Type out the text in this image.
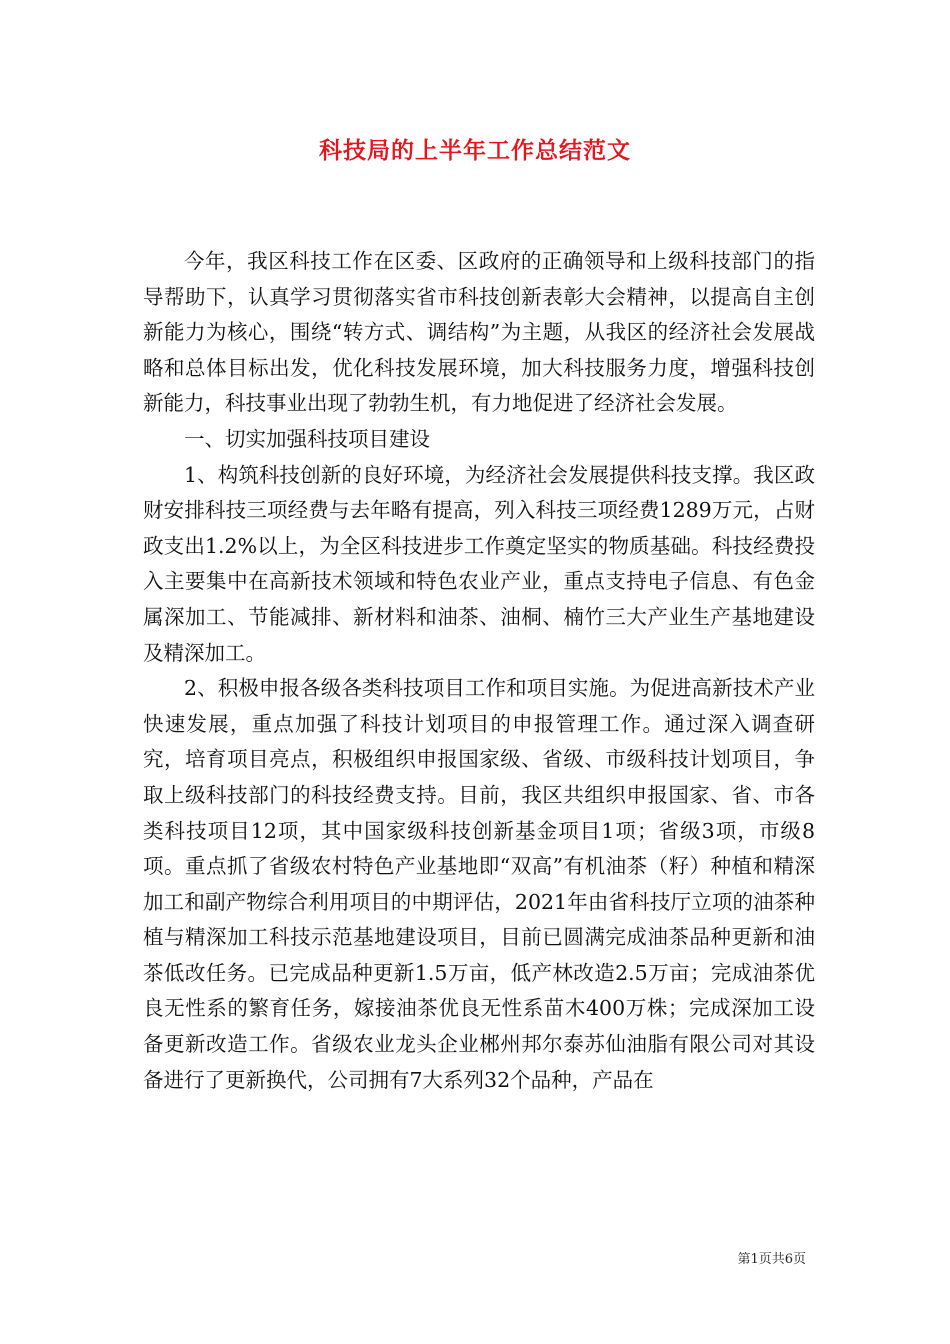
科技局的上半年工作总结范文

今年，我区科技工作在区委、区政府的正确领导和上级科技部门的指导帮助下，认真学习贯彻落实省市科技创新表彰大会精神，以提高自主创新能力为核心，围绕“转方式、调结构”为主题，从我区的经济社会发展战略和总体目标出发，优化科技发展环境，加大科技服务力度，增强科技创新能力，科技事业出现了勃勃生机，有力地促进了经济社会发展。

一、切实加强科技项目建设

1、构筑科技创新的良好环境，为经济社会发展提供科技支撑。我区政财安排科技三项经费与去年略有提高，列入科技三项经费1289万元，占财政支出1.2%以上，为全区科技进步工作奠定坚实的物质基础。科技经费投入主要集中在高新技术领域和特色农业产业，重点支持电子信息、有色金属深加工、节能减排、新材料和油茶、油桐、楠竹三大产业生产基地建设及精深加工。

2、积极申报各级各类科技项目工作和项目实施。为促进高新技术产业快速发展，重点加强了科技计划项目的申报管理工作。通过深入调查研究，培育项目亮点，积极组织申报国家级、省级、市级科技计划项目，争取上级科技部门的科技经费支持。目前，我区共组织申报国家、省、市各类科技项目12项，其中国家级科技创新基金项目1项；省级3项，市级8项。重点抓了省级农村特色产业基地即“双高”有机油茶（籽）种植和精深加工和副产物综合利用项目的中期评估，2021年由省科技厅立项的油茶种植与精深加工科技示范基地建设项目，目前已圆满完成油茶品种更新和油茶低改任务。已完成品种更新1.5万亩，低产林改造2.5万亩；完成油茶优良无性系的繁育任务，嫁接油茶优良无性系苗木400万株；完成深加工设备更新改造工作。省级农业龙头企业郴州邦尔泰苏仙油脂有限公司对其设备进行了更新换代，公司拥有7大系列32个品种，产品在

第1页共6页
